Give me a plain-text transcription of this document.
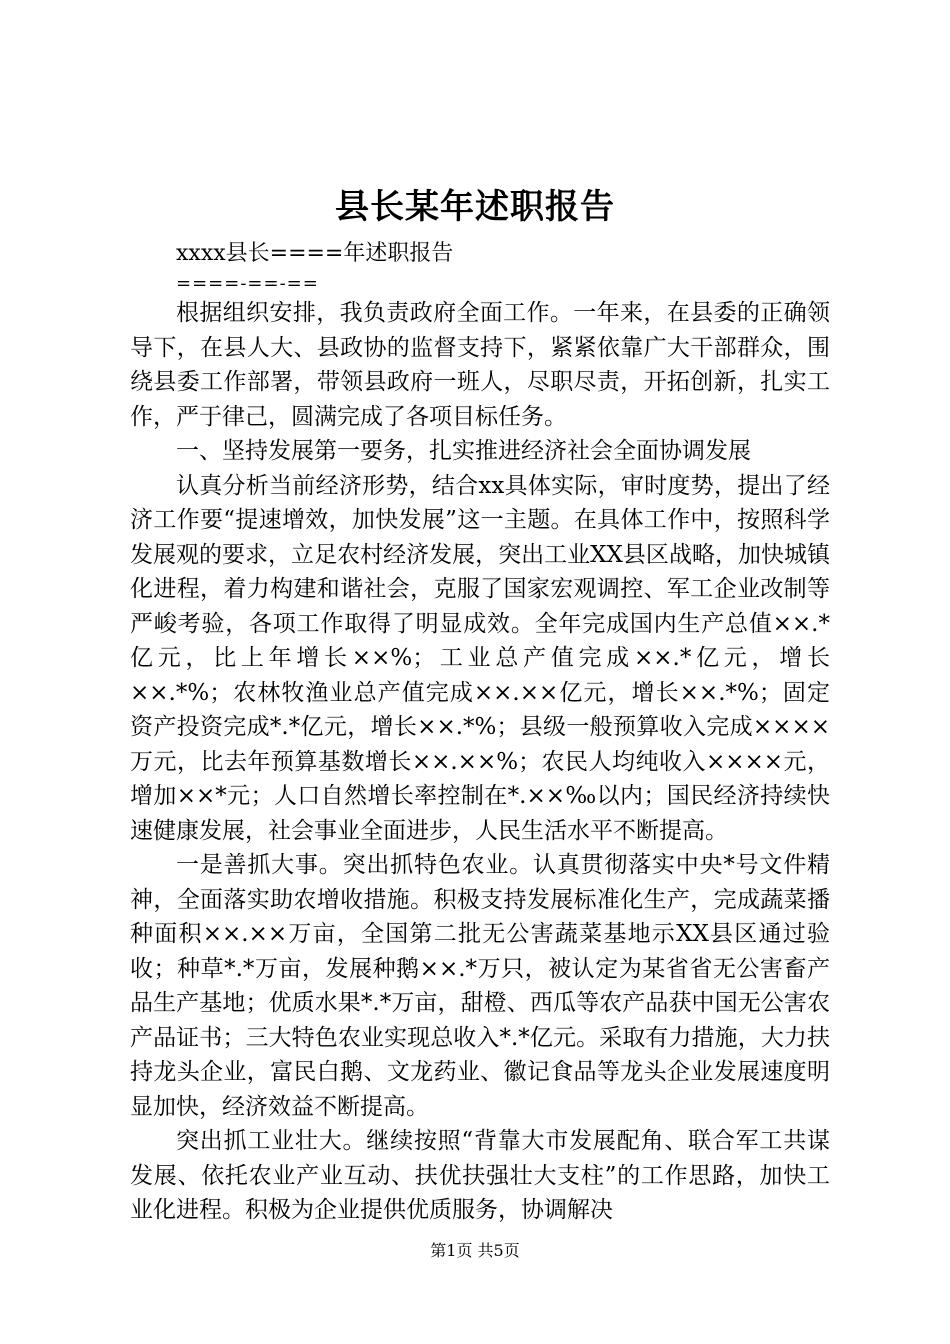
县长某年述职报告
xxxx县长====年述职报告
====-==-==

根据组织安排，我负责政府全面工作。一年来，在县委的正确领导下，在县人大、县政协的监督支持下，紧紧依靠广大干部群众，围绕县委工作部署，带领县政府一班人，尽职尽责，开拓创新，扎实工作，严于律己，圆满完成了各项目标任务。

一、坚持发展第一要务，扎实推进经济社会全面协调发展

认真分析当前经济形势，结合xx具体实际，审时度势，提出了经济工作要“提速增效，加快发展”这一主题。在具体工作中，按照科学发展观的要求，立足农村经济发展，突出工业XX县区战略，加快城镇化进程，着力构建和谐社会，克服了国家宏观调控、军工企业改制等严峻考验，各项工作取得了明显成效。全年完成国内生产总值××.*亿元，比上年增长××%；工业总产值完成××.*亿元，增长××.*%；农林牧渔业总产值完成××.××亿元，增长××.*%；固定资产投资完成*.*亿元，增长××.*%；县级一般预算收入完成××××万元，比去年预算基数增长××.××%；农民人均纯收入××××元，增加××*元；人口自然增长率控制在*.××‰以内；国民经济持续快速健康发展，社会事业全面进步，人民生活水平不断提高。

一是善抓大事。突出抓特色农业。认真贯彻落实中央*号文件精神，全面落实助农增收措施。积极支持发展标准化生产，完成蔬菜播种面积××.××万亩，全国第二批无公害蔬菜基地示XX县区通过验收；种草*.*万亩，发展种鹅××.*万只，被认定为某省省无公害畜产品生产基地；优质水果*.*万亩，甜橙、西瓜等农产品获中国无公害农产品证书；三大特色农业实现总收入*.*亿元。采取有力措施，大力扶持龙头企业，富民白鹅、文龙药业、徽记食品等龙头企业发展速度明显加快，经济效益不断提高。

突出抓工业壮大。继续按照“背靠大市发展配角、联合军工共谋发展、依托农业产业互动、扶优扶强壮大支柱”的工作思路，加快工业化进程。积极为企业提供优质服务，协调解决

第1页 共5页
